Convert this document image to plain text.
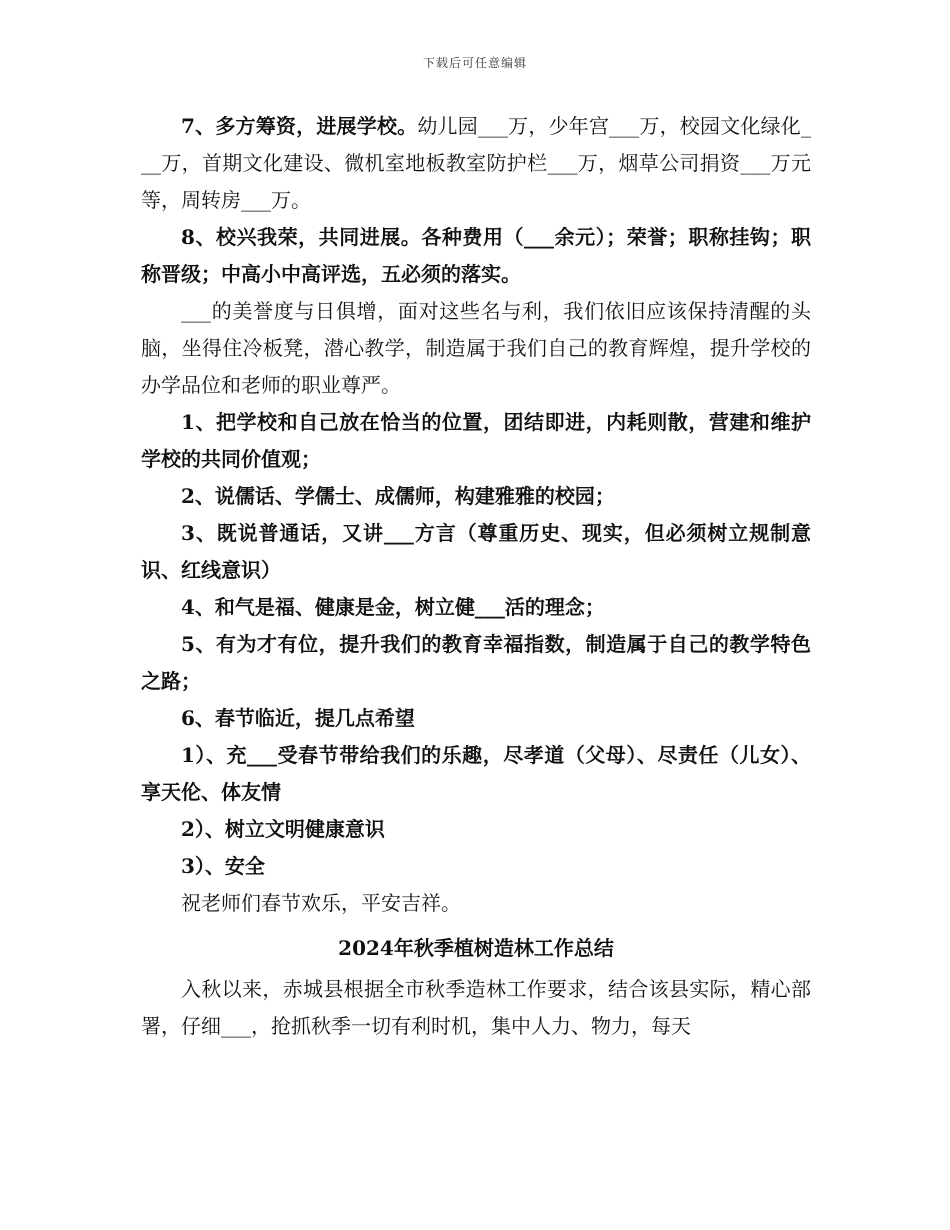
下载后可任意编辑

7、多方筹资，进展学校。幼儿园___万，少年宫___万，校园文化绿化___万，首期文化建设、微机室地板教室防护栏___万，烟草公司捐资___万元等，周转房___万。

8、校兴我荣，共同进展。各种费用（___余元）；荣誉；职称挂钩；职称晋级；中高小中高评选，五必须的落实。

___的美誉度与日俱增，面对这些名与利，我们依旧应该保持清醒的头脑，坐得住冷板凳，潜心教学，制造属于我们自己的教育辉煌，提升学校的办学品位和老师的职业尊严。

1、把学校和自己放在恰当的位置，团结即进，内耗则散，营建和维护学校的共同价值观；

2、说儒话、学儒士、成儒师，构建雅雅的校园；

3、既说普通话，又讲___方言（尊重历史、现实，但必须树立规制意识、红线意识）

4、和气是福、健康是金，树立健___活的理念；

5、有为才有位，提升我们的教育幸福指数，制造属于自己的教学特色之路；

6、春节临近，提几点希望

1）、充___受春节带给我们的乐趣，尽孝道（父母）、尽责任（儿女）、享天伦、体友情

2）、树立文明健康意识

3）、安全

祝老师们春节欢乐，平安吉祥。

2024年秋季植树造林工作总结

入秋以来，赤城县根据全市秋季造林工作要求，结合该县实际，精心部署，仔细___，抢抓秋季一切有利时机，集中人力、物力，每天
